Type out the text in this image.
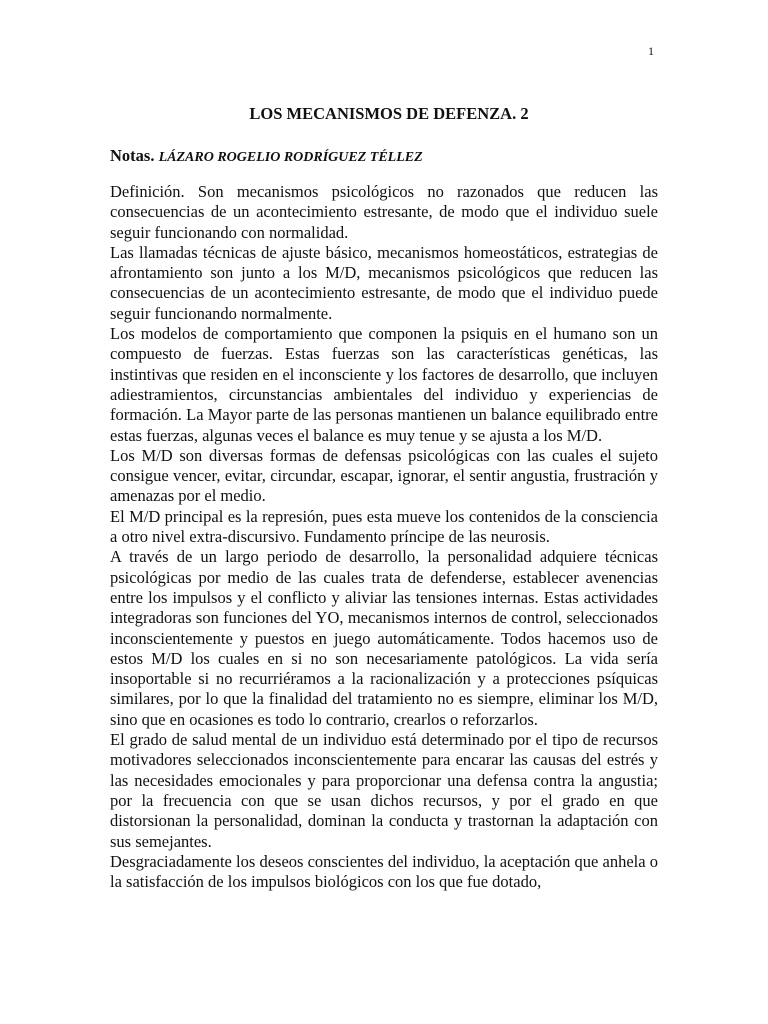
1
LOS MECANISMOS DE DEFENZA. 2
Notas. LÁZARO ROGELIO RODRÍGUEZ TÉLLEZ

Definición. Son mecanismos psicológicos no razonados que reducen las consecuencias de un acontecimiento estresante, de modo que el individuo suele seguir funcionando con normalidad.

Las llamadas técnicas de ajuste básico, mecanismos homeostáticos, estrategias de afrontamiento son junto a los M/D, mecanismos psicológicos que reducen las consecuencias de un acontecimiento estresante, de modo que el individuo puede seguir funcionando normalmente.

Los modelos de comportamiento que componen la psiquis en el humano son un compuesto de fuerzas. Estas fuerzas son las características genéticas, las instintivas que residen en el inconsciente y los factores de desarrollo, que incluyen adiestramientos, circunstancias ambientales del individuo y experiencias de formación. La Mayor parte de las personas mantienen un balance equilibrado entre estas fuerzas, algunas veces el balance es muy tenue y se ajusta a los M/D.

Los M/D son diversas formas de defensas psicológicas con las cuales el sujeto consigue vencer, evitar, circundar, escapar, ignorar, el sentir angustia, frustración y amenazas por el medio.

El M/D principal es la represión, pues esta mueve los contenidos de la consciencia a otro nivel extra-discursivo. Fundamento príncipe de las neurosis.

A través de un largo periodo de desarrollo, la personalidad adquiere técnicas psicológicas por medio de las cuales trata de defenderse, establecer avenencias entre los impulsos y el conflicto y aliviar las tensiones internas. Estas actividades integradoras son funciones del YO, mecanismos internos de control, seleccionados inconscientemente y puestos en juego automáticamente. Todos hacemos uso de estos M/D los cuales en si no son necesariamente patológicos. La vida sería insoportable si no recurriéramos a la racionalización y a protecciones psíquicas similares, por lo que la finalidad del tratamiento no es siempre, eliminar los M/D, sino que en ocasiones es todo lo contrario, crearlos o reforzarlos.

El grado de salud mental de un individuo está determinado por el tipo de recursos motivadores seleccionados inconscientemente para encarar las causas del estrés y las necesidades emocionales y para proporcionar una defensa contra la angustia; por la frecuencia con que se usan dichos recursos, y por el grado en que distorsionan la personalidad, dominan la conducta y trastornan la adaptación con sus semejantes.

Desgraciadamente los deseos conscientes del individuo, la aceptación que anhela o la satisfacción de los impulsos biológicos con los que fue dotado,
